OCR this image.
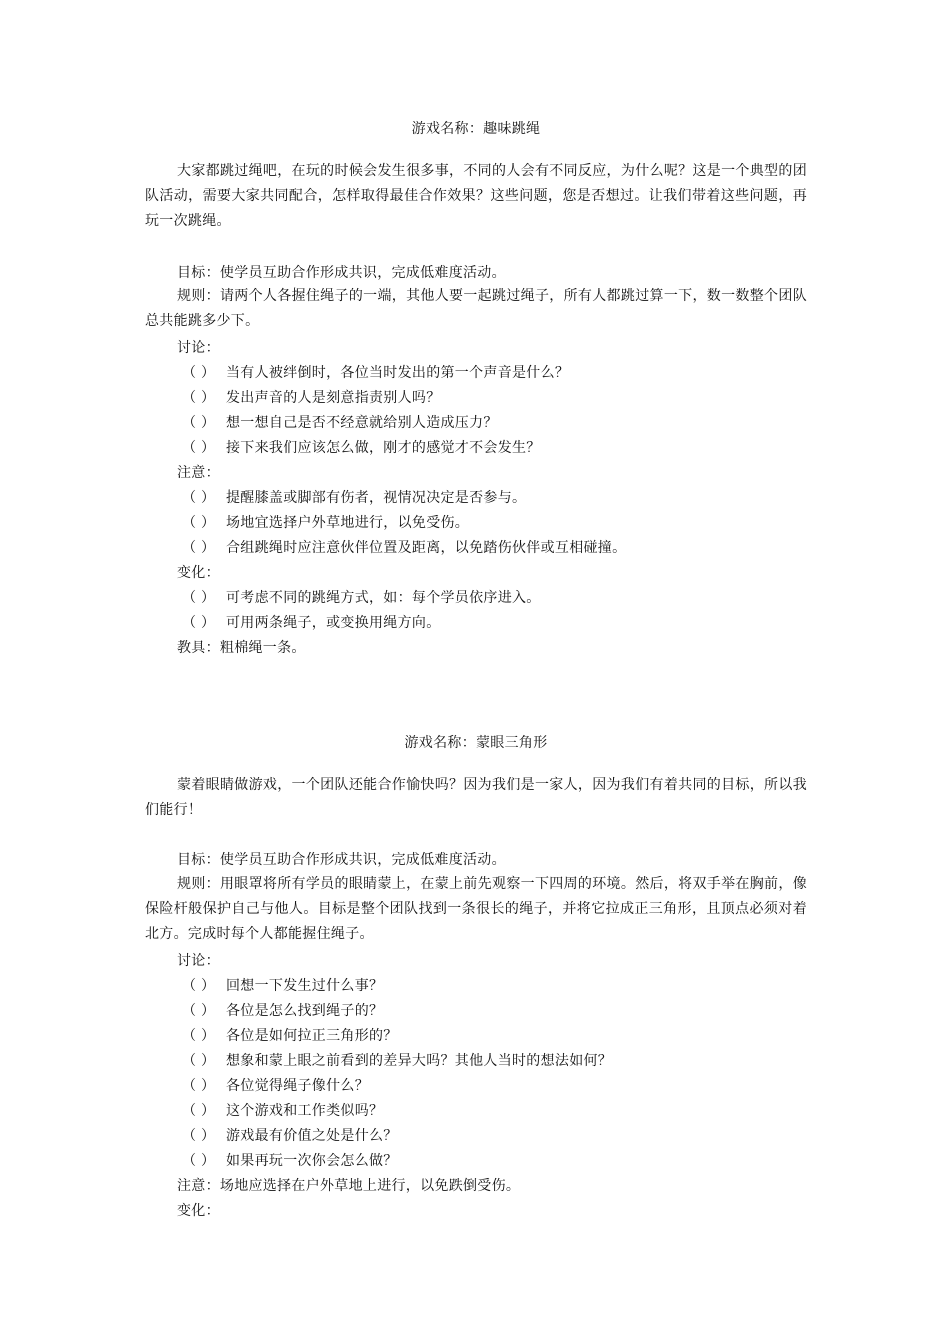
游戏名称：趣味跳绳
大家都跳过绳吧，在玩的时候会发生很多事，不同的人会有不同反应，为什么呢？这是一个典型的团队活动，需要大家共同配合，怎样取得最佳合作效果？这些问题，您是否想过。让我们带着这些问题，再玩一次跳绳。
目标：使学员互助合作形成共识，完成低难度活动。
规则：请两个人各握住绳子的一端，其他人要一起跳过绳子，所有人都跳过算一下，数一数整个团队总共能跳多少下。
讨论：
（ ） 当有人被绊倒时，各位当时发出的第一个声音是什么？
（ ） 发出声音的人是刻意指责别人吗？
（ ） 想一想自己是否不经意就给别人造成压力？
（ ） 接下来我们应该怎么做，刚才的感觉才不会发生？
注意：
（ ） 提醒膝盖或脚部有伤者，视情况决定是否参与。
（ ） 场地宜选择户外草地进行，以免受伤。
（ ） 合组跳绳时应注意伙伴位置及距离，以免踏伤伙伴或互相碰撞。
变化：
（ ） 可考虑不同的跳绳方式，如：每个学员依序进入。
（ ） 可用两条绳子，或变换用绳方向。
教具：粗棉绳一条。
游戏名称：蒙眼三角形
蒙着眼睛做游戏，一个团队还能合作愉快吗？因为我们是一家人，因为我们有着共同的目标，所以我们能行！
目标：使学员互助合作形成共识，完成低难度活动。
规则：用眼罩将所有学员的眼睛蒙上，在蒙上前先观察一下四周的环境。然后，将双手举在胸前，像保险杆般保护自己与他人。目标是整个团队找到一条很长的绳子，并将它拉成正三角形，且顶点必须对着北方。完成时每个人都能握住绳子。
讨论：
（ ） 回想一下发生过什么事？
（ ） 各位是怎么找到绳子的？
（ ） 各位是如何拉正三角形的？
（ ） 想象和蒙上眼之前看到的差异大吗？其他人当时的想法如何？
（ ） 各位觉得绳子像什么？
（ ） 这个游戏和工作类似吗？
（ ） 游戏最有价值之处是什么？
（ ） 如果再玩一次你会怎么做？
注意：场地应选择在户外草地上进行，以免跌倒受伤。
变化：
